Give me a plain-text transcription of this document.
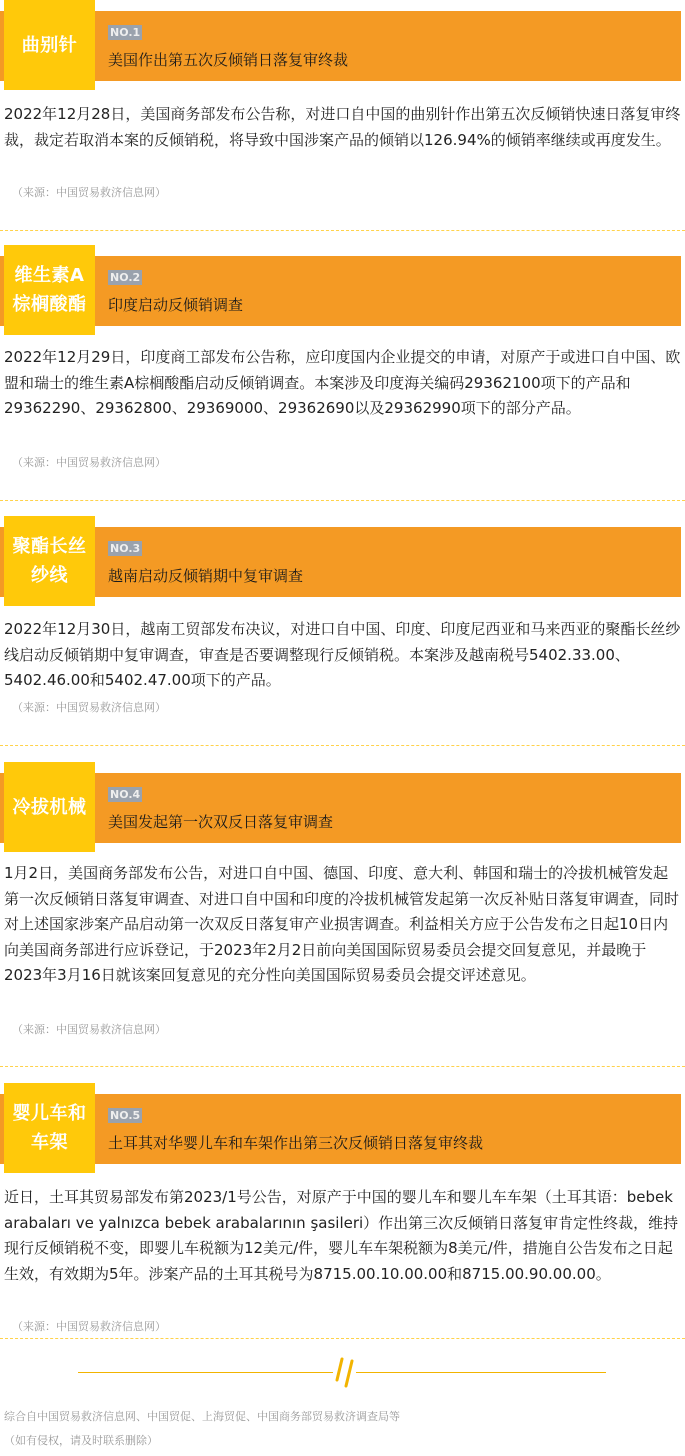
曲别针
NO.1
美国作出第五次反倾销日落复审终裁
2022年12月28日，美国商务部发布公告称，对进口自中国的曲别针作出第五次反倾销快速日落复审终裁，裁定若取消本案的反倾销税，将导致中国涉案产品的倾销以126.94%的倾销率继续或再度发生。
（来源：中国贸易救济信息网）
维生素A棕榈酸酯
NO.2
印度启动反倾销调查
2022年12月29日，印度商工部发布公告称，应印度国内企业提交的申请，对原产于或进口自中国、欧盟和瑞士的维生素A棕榈酸酯启动反倾销调查。本案涉及印度海关编码29362100项下的产品和29362290、29362800、29369000、29362690以及29362990项下的部分产品。
（来源：中国贸易救济信息网）
聚酯长丝纱线
NO.3
越南启动反倾销期中复审调查
2022年12月30日，越南工贸部发布决议，对进口自中国、印度、印度尼西亚和马来西亚的聚酯长丝纱线启动反倾销期中复审调查，审查是否要调整现行反倾销税。本案涉及越南税号5402.33.00、5402.46.00和5402.47.00项下的产品。
（来源：中国贸易救济信息网）
冷拔机械
NO.4
美国发起第一次双反日落复审调查
1月2日，美国商务部发布公告，对进口自中国、德国、印度、意大利、韩国和瑞士的冷拔机械管发起第一次反倾销日落复审调查、对进口自中国和印度的冷拔机械管发起第一次反补贴日落复审调查，同时对上述国家涉案产品启动第一次双反日落复审产业损害调查。利益相关方应于公告发布之日起10日内向美国商务部进行应诉登记，于2023年2月2日前向美国国际贸易委员会提交回复意见，并最晚于2023年3月16日就该案回复意见的充分性向美国国际贸易委员会提交评述意见。
（来源：中国贸易救济信息网）
婴儿车和车架
NO.5
土耳其对华婴儿车和车架作出第三次反倾销日落复审终裁
近日，土耳其贸易部发布第2023/1号公告，对原产于中国的婴儿车和婴儿车车架（土耳其语：bebek arabaları ve yalnızca bebek arabalarının şasileri）作出第三次反倾销日落复审肯定性终裁，维持现行反倾销税不变，即婴儿车税额为12美元/件，婴儿车车架税额为8美元/件，措施自公告发布之日起生效，有效期为5年。涉案产品的土耳其税号为8715.00.10.00.00和8715.00.90.00.00。
（来源：中国贸易救济信息网）
综合自中国贸易救济信息网、中国贸促、上海贸促、中国商务部贸易救济调查局等
（如有侵权，请及时联系删除）
